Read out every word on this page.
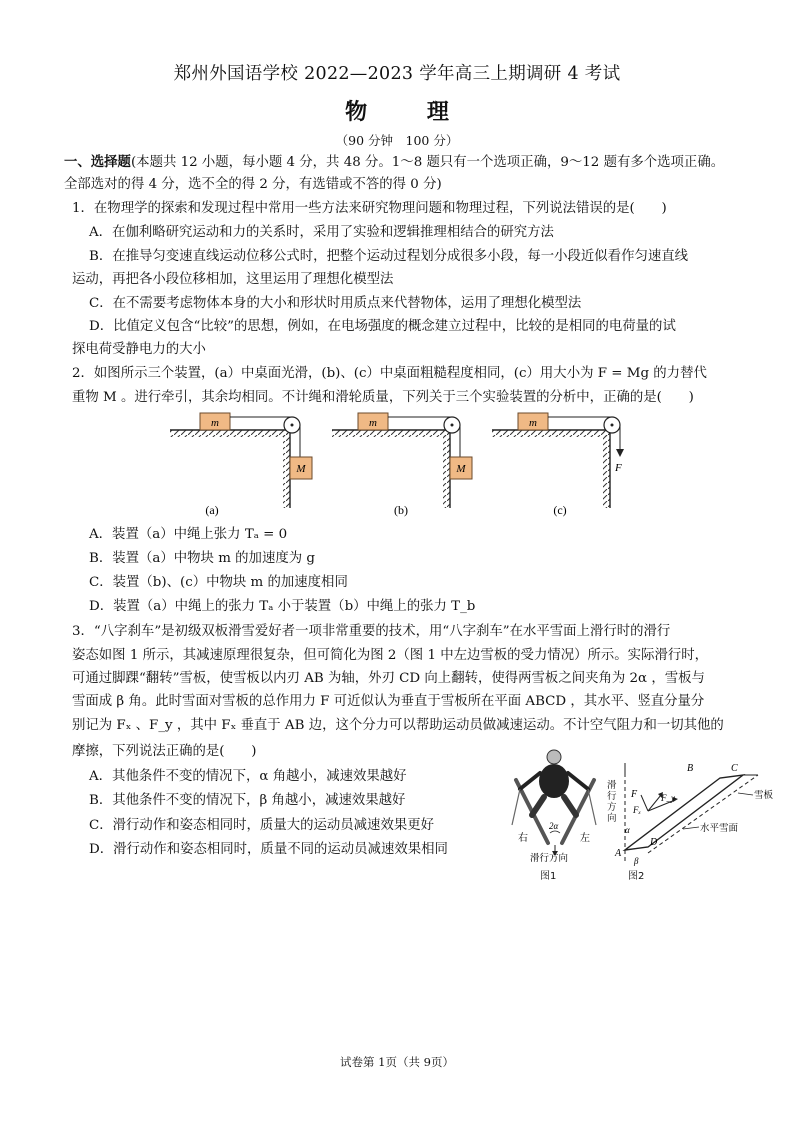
郑州外国语学校 2022—2023 学年高三上期调研 4 考试
物 理
（90 分钟　100 分）
一、选择题(本题共 12 小题，每小题 4 分，共 48 分。1～8 题只有一个选项正确，9～12 题有多个选项正确。
全部选对的得 4 分，选不全的得 2 分，有选错或不答的得 0 分)
1．在物理学的探索和发现过程中常用一些方法来研究物理问题和物理过程，下列说法错误的是(　　)
A．在伽利略研究运动和力的关系时，采用了实验和逻辑推理相结合的研究方法
B．在推导匀变速直线运动位移公式时，把整个运动过程划分成很多小段，每一小段近似看作匀速直线
运动，再把各小段位移相加，这里运用了理想化模型法
C．在不需要考虑物体本身的大小和形状时用质点来代替物体，运用了理想化模型法
D．比值定义包含“比较”的思想，例如，在电场强度的概念建立过程中，比较的是相同的电荷量的试
探电荷受静电力的大小
2．如图所示三个装置，(a）中桌面光滑，(b)、(c）中桌面粗糙程度相同，(c）用大小为 F = Mg 的力替代
重物 M 。进行牵引，其余均相同。不计绳和滑轮质量，下列关于三个实验装置的分析中，正确的是(　　)
m
M
(a)
m
M
(b)
m
F
(c)
A．装置（a）中绳上张力 Tₐ = 0
B．装置（a）中物块 m 的加速度为 g
C．装置（b)、(c）中物块 m 的加速度相同
D．装置（a）中绳上的张力 Tₐ 小于装置（b）中绳上的张力 T_b
3．“八字刹车”是初级双板滑雪爱好者一项非常重要的技术，用“八字刹车”在水平雪面上滑行时的滑行
姿态如图 1 所示，其减速原理很复杂，但可简化为图 2（图 1 中左边雪板的受力情况）所示。实际滑行时，
可通过脚踝“翻转”雪板，使雪板以内刃 AB 为轴，外刃 CD 向上翻转，使得两雪板之间夹角为 2α ，雪板与
雪面成 β 角。此时雪面对雪板的总作用力 F 可近似认为垂直于雪板所在平面 ABCD ，其水平、竖直分量分
别记为 Fₓ 、F_y ，其中 Fₓ 垂直于 AB 边，这个分力可以帮助运动员做减速运动。不计空气阻力和一切其他的
摩擦，下列说法正确的是(　　)
A．其他条件不变的情况下，α 角越小，减速效果越好
B．其他条件不变的情况下，β 角越小，减速效果越好
C．滑行动作和姿态相同时，质量大的运动员减速效果更好
D．滑行动作和姿态相同时，质量不同的运动员减速效果相同
2α
右	左
滑行方向
图1
F	F_y
Fₓ
A
B	C
D
α
β
雪板
水平雪面
滑行方向
图2
试卷第 1页（共 9页）
